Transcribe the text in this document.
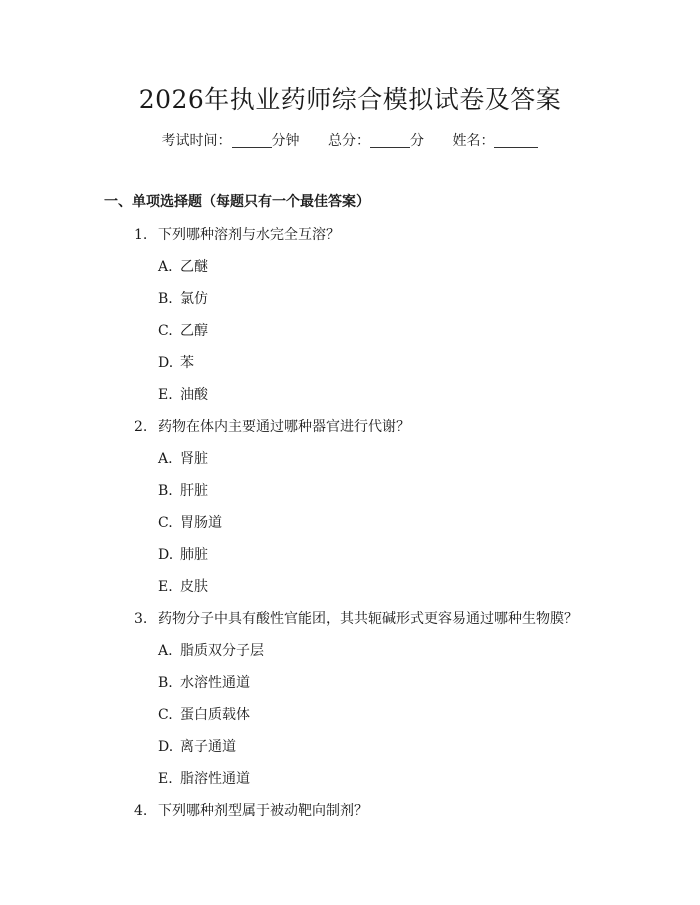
2026年执业药师综合模拟试卷及答案
考试时间：	分钟 总分：	分 姓名：
一、单项选择题（每题只有一个最佳答案）
1. 下列哪种溶剂与水完全互溶？
A. 乙醚
B. 氯仿
C. 乙醇
D. 苯
E. 油酸
2. 药物在体内主要通过哪种器官进行代谢？
A. 肾脏
B. 肝脏
C. 胃肠道
D. 肺脏
E. 皮肤
3. 药物分子中具有酸性官能团，其共轭碱形式更容易通过哪种生物膜？
A. 脂质双分子层
B. 水溶性通道
C. 蛋白质载体
D. 离子通道
E. 脂溶性通道
4. 下列哪种剂型属于被动靶向制剂？
